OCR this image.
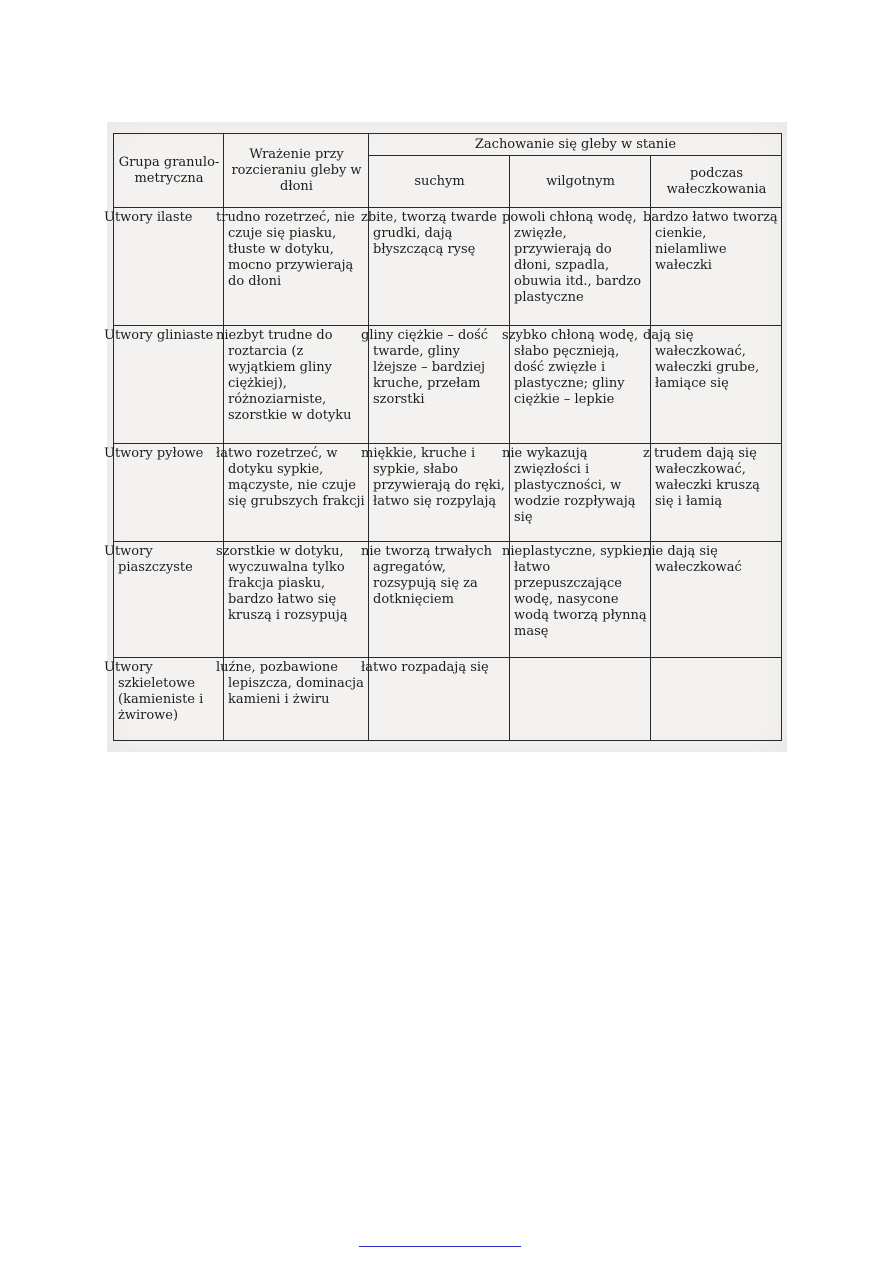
Grupa granulo-metryczna	Wrażenie przy rozcieraniu gleby w dłoni	Zachowanie się gleby w stanie		
		suchym	wilgotnym	podczas wałeczkowania
Utwory ilaste	trudno rozetrzeć, nie czuje się piasku, tłuste w dotyku, mocno przywierają do dłoni	zbite, tworzą twarde grudki, dają błyszczącą rysę	powoli chłoną wodę, zwięzłe, przywierają do dłoni, szpadla, obuwia itd., bardzo plastyczne	bardzo łatwo tworzą cienkie, nielamliwe wałeczki
Utwory gliniaste	niezbyt trudne do roztarcia (z wyjątkiem gliny ciężkiej), różnoziarniste, szorstkie w dotyku	gliny ciężkie – dość twarde, gliny lżejsze – bardziej kruche, przełam szorstki	szybko chłoną wodę, słabo pęcznieją, dość zwięzłe i plastyczne; gliny ciężkie – lepkie	dają się wałeczkować, wałeczki grube, łamiące się
Utwory pyłowe	łatwo rozetrzeć, w dotyku sypkie, mączyste, nie czuje się grubszych frakcji	miękkie, kruche i sypkie, słabo przywierają do ręki, łatwo się rozpylają	nie wykazują zwięzłości i plastyczności, w wodzie rozpływają się	z trudem dają się wałeczkować, wałeczki kruszą się i łamią
Utwory piaszczyste	szorstkie w dotyku, wyczuwalna tylko frakcja piasku, bardzo łatwo się kruszą i rozsypują	nie tworzą trwałych agregatów, rozsypują się za dotknięciem	nieplastyczne, sypkie, łatwo przepuszczające wodę, nasycone wodą tworzą płynną masę	nie dają się wałeczkować
Utwory szkieletowe (kamieniste i żwirowe)	luźne, pozbawione lepiszcza, dominacja kamieni i żwiru	łatwo rozpadają się		
